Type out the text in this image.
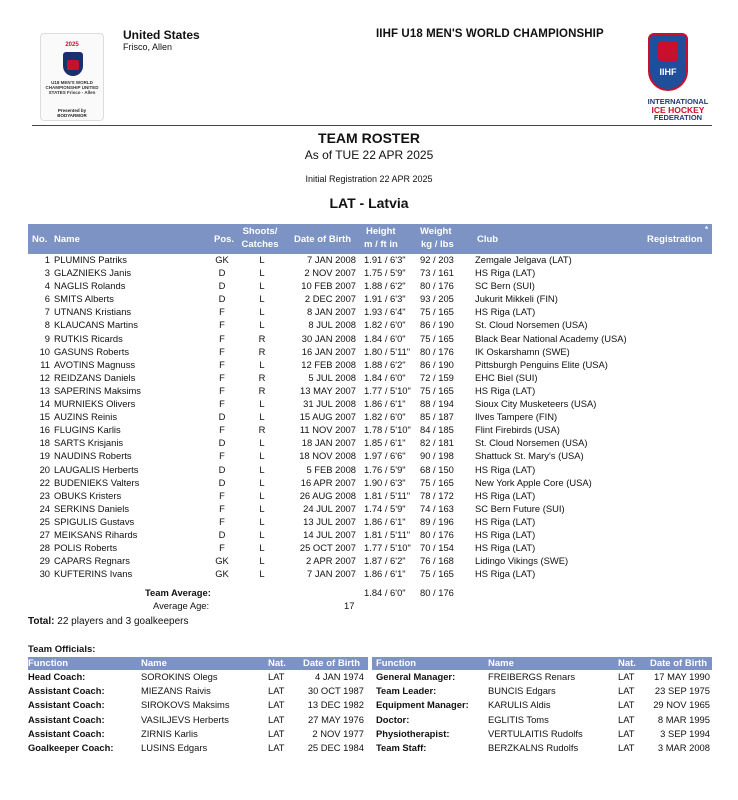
2025
U18 MEN'S WORLD CHAMPIONSHIP UNITED STATES Frisco - Allen
Presented by BODYARMOR
United States
Frisco, Allen
IIHF U18 MEN'S WORLD CHAMPIONSHIP
IIHF
INTERNATIONAL
ICE HOCKEY
FEDERATION
TEAM ROSTER
As of TUE 22 APR 2025
Initial Registration 22 APR 2025
LAT - Latvia
No. Name	Pos.
Shoots/
Catches	Date of Birth
Height
m / ft in
Weight
kg / lbs Club	Registration
*
1 PLUMINS Patriks	GK	L	7 JAN 2008 1.91 / 6'3" 92 / 203 Zemgale Jelgava (LAT)
3 GLAZNIEKS Janis	D	L	2 NOV 2007 1.75 / 5'9" 73 / 161 HS Riga (LAT)
4 NAGLIS Rolands	D	L	10 FEB 2007 1.88 / 6'2" 80 / 176 SC Bern (SUI)
6 SMITS Alberts	D	L	2 DEC 2007 1.91 / 6'3" 93 / 205 Jukurit Mikkeli (FIN)
7 UTNANS Kristians	F	L	8 JAN 2007 1.93 / 6'4" 75 / 165 HS Riga (LAT)
8 KLAUCANS Martins	F	L	8 JUL 2008 1.82 / 6'0" 86 / 190 St. Cloud Norsemen (USA)
9 RUTKIS Ricards	F	R	30 JAN 2008 1.84 / 6'0" 75 / 165 Black Bear National Academy (USA)
10 GASUNS Roberts	F	R	16 JAN 2007 1.80 / 5'11" 80 / 176 IK Oskarshamn (SWE)
11 AVOTINS Magnuss	F	L	12 FEB 2008 1.88 / 6'2" 86 / 190 Pittsburgh Penguins Elite (USA)
12 REIDZANS Daniels	F	R	5 JUL 2008 1.84 / 6'0" 72 / 159 EHC Biel (SUI)
13 SAPERINS Maksims	F	R	13 MAY 2007 1.77 / 5'10" 75 / 165 HS Riga (LAT)
14 MURNIEKS Olivers	F	L	31 JUL 2008 1.86 / 6'1" 88 / 194 Sioux City Musketeers (USA)
15 AUZINS Reinis	D	L	15 AUG 2007 1.82 / 6'0" 85 / 187 Ilves Tampere (FIN)
16 FLUGINS Karlis	F	R	11 NOV 2007 1.78 / 5'10" 84 / 185 Flint Firebirds (USA)
18 SARTS Krisjanis	D	L	18 JAN 2007 1.85 / 6'1" 82 / 181 St. Cloud Norsemen (USA)
19 NAUDINS Roberts	F	L	18 NOV 2008 1.97 / 6'6" 90 / 198 Shattuck St. Mary's (USA)
20 LAUGALIS Herberts	D	L	5 FEB 2008 1.76 / 5'9" 68 / 150 HS Riga (LAT)
22 BUDENIEKS Valters	D	L	16 APR 2007 1.90 / 6'3" 75 / 165 New York Apple Core (USA)
23 OBUKS Kristers	F	L	26 AUG 2008 1.81 / 5'11" 78 / 172 HS Riga (LAT)
24 SERKINS Daniels	F	L	24 JUL 2007 1.74 / 5'9" 74 / 163 SC Bern Future (SUI)
25 SPIGULIS Gustavs	F	L	13 JUL 2007 1.86 / 6'1" 89 / 196 HS Riga (LAT)
27 MEIKSANS Rihards	D	L	14 JUL 2007 1.81 / 5'11" 80 / 176 HS Riga (LAT)
28 POLIS Roberts	F	L	25 OCT 2007 1.77 / 5'10" 70 / 154 HS Riga (LAT)
29 CAPARS Regnars	GK	L	2 APR 2007 1.87 / 6'2" 76 / 168 Lidingo Vikings (SWE)
30 KUFTERINS Ivans	GK	L	7 JAN 2007 1.86 / 6'1" 75 / 165 HS Riga (LAT)
Team Average:	1.84 / 6'0" 80 / 176
Average Age:	17
Total: 22 players and 3 goalkeepers
Team Officials:
Function	Name	Nat. Date of Birth Function	Name	Nat. Date of Birth
Head Coach:	SOROKINS Olegs	LAT	4 JAN 1974
Assistant Coach:	MIEZANS Raivis	LAT	30 OCT 1987
Assistant Coach:	SIROKOVS Maksims	LAT	13 DEC 1982
Assistant Coach:	VASILJEVS Herberts	LAT	27 MAY 1976
Assistant Coach:	ZIRNIS Karlis	LAT	2 NOV 1977
Goalkeeper Coach:	LUSINS Edgars	LAT	25 DEC 1984
General Manager:	FREIBERGS Renars	LAT	17 MAY 1990
Team Leader:	BUNCIS Edgars	LAT	23 SEP 1975
Equipment Manager: KARULIS Aldis	LAT	29 NOV 1965
Doctor:	EGLITIS Toms	LAT	8 MAR 1995
Physiotherapist:	VERTULAITIS Rudolfs	LAT	3 SEP 1994
Team Staff:	BERZKALNS Rudolfs	LAT	3 MAR 2008
